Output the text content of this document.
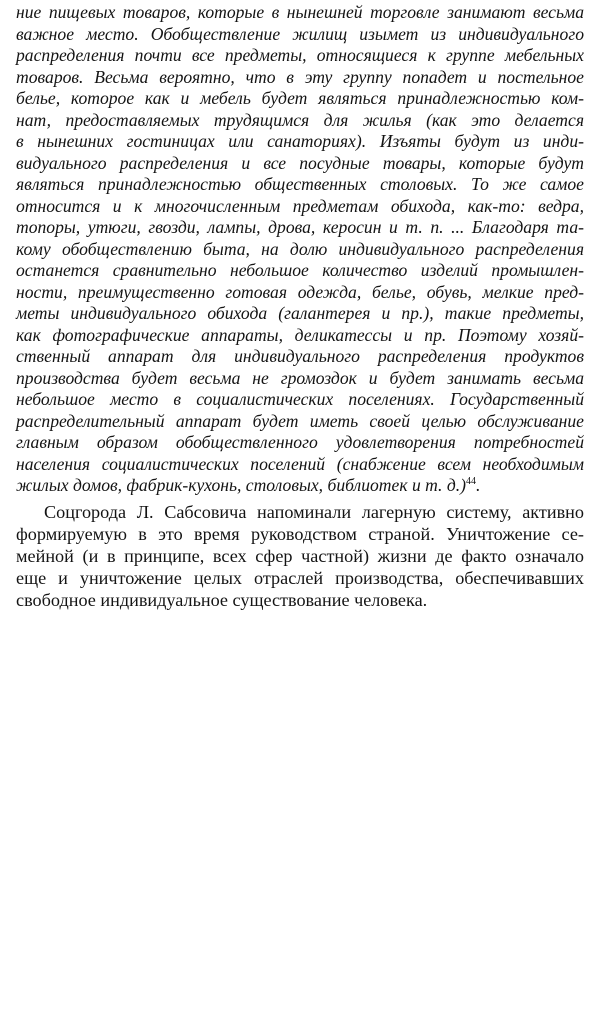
ние пищевых товаров, которые в нынешней торговле занимают весьма
важное место. Обобществление жилищ изымет из индивидуального
распределения почти все предметы, относящиеся к группе мебельных
товаров. Весьма вероятно, что в эту группу попадет и постельное
белье, которое как и мебель будет являться принадлежностью ком-
нат, предоставляемых трудящимся для жилья (как это делается
в нынешних гостиницах или санаториях). Изъяты будут из инди-
видуального распределения и все посудные товары, которые будут
являться принадлежностью общественных столовых. То же самое
относится и к многочисленным предметам обихода, как-то: ведра,
топоры, утюги, гвозди, лампы, дрова, керосин и т. п. ... Благодаря та-
кому обобществлению быта, на долю индивидуального распределения
останется сравнительно небольшое количество изделий промышлен-
ности, преимущественно готовая одежда, белье, обувь, мелкие пред-
меты индивидуального обихода (галантерея и пр.), такие предметы,
как фотографические аппараты, деликатессы и пр. Поэтому хозяй-
ственный аппарат для индивидуального распределения продуктов
производства будет весьма не громоздок и будет занимать весьма
небольшое место в социалистических поселениях. Государственный
распределительный аппарат будет иметь своей целью обслуживание
главным образом обобществленного удовлетворения потребностей
населения социалистических поселений (снабжение всем необходимым
жилых домов, фабрик-кухонь, столовых, библиотек и т. д.)$^{44}$.
Соцгорода Л. Сабсовича напоминали лагерную систему, активно
формируемую в это время руководством страной. Уничтожение се-
мейной (и в принципе, всех сфер частной) жизни де факто означало
еще и уничтожение целых отраслей производства, обеспечивавших
свободное индивидуальное существование человека.
